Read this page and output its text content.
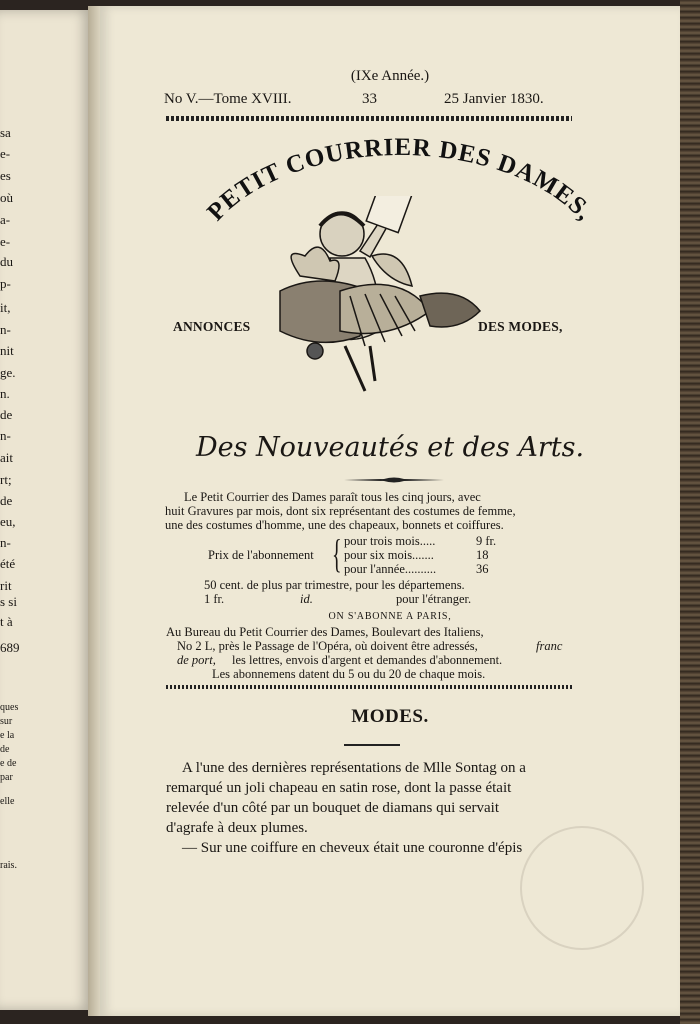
sa
e-
es
où
a-
e-
du
p-
it,
n-
nit
ge.
n.
de
n-
ait
rt;
de
eu,
n-
été
rit
s si
t à
689
ques
sur
e la
de
e de
par
elle
rais.
(IXe Année.)
No V.—Tome XVIII.	33	25 Janvier 1830.
PETIT COURRIER DES DAMES,
ANNONCES	DES MODES,
Des Nouveautés et des Arts.
Le Petit Courrier des Dames paraît tous les cinq jours, avec
huit Gravures par mois, dont six représentant des costumes de femme,
une des costumes d'homme, une des chapeaux, bonnets et coiffures.
Prix de l'abonnement { pour trois mois.....	9 fr.
pour six mois.......	18
pour l'année..........	36
50 cent. de plus par trimestre, pour les départemens.
1 fr.	id.	pour l'étranger.
ON S'ABONNE A PARIS,
Au Bureau du Petit Courrier des Dames, Boulevart des Italiens,
No 2 L, près le Passage de l'Opéra, où doivent être adressés,	franc
de port, les lettres, envois d'argent et demandes d'abonnement.
Les abonnemens datent du 5 ou du 20 de chaque mois.
MODES.
A l'une des dernières représentations de Mlle Sontag on a
remarqué un joli chapeau en satin rose, dont la passe était
relevée d'un côté par un bouquet de diamans qui servait
d'agrafe à deux plumes.
— Sur une coiffure en cheveux était une couronne d'épis
